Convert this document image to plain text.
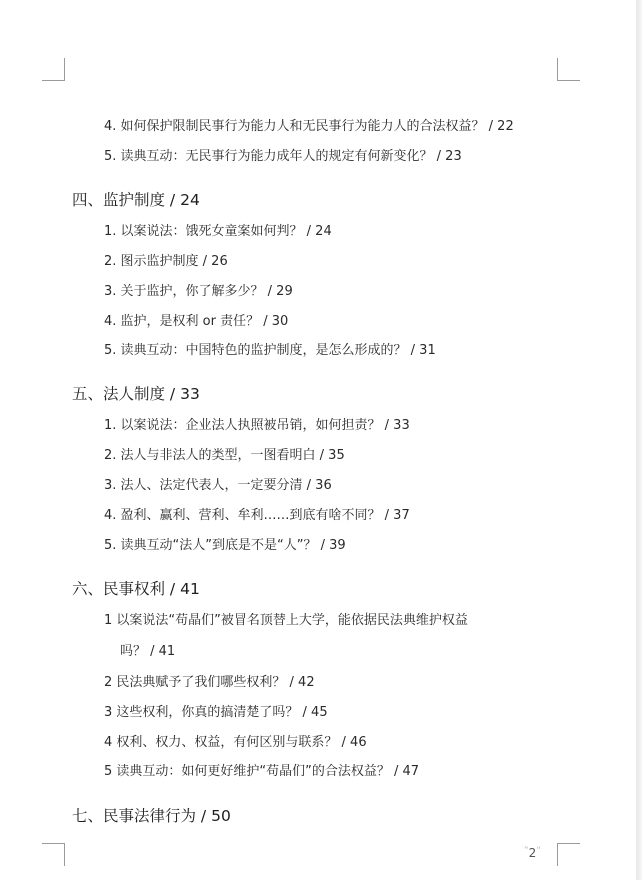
4. 如何保护限制民事行为能力人和无民事行为能力人的合法权益？ / 22
5. 读典互动：无民事行为能力成年人的规定有何新变化？ / 23
四、监护制度 / 24
1. 以案说法：饿死女童案如何判？ / 24
2. 图示监护制度 / 26
3. 关于监护，你了解多少？ / 29
4. 监护，是权利 or 责任？ / 30
5. 读典互动：中国特色的监护制度，是怎么形成的？ / 31
五、法人制度 / 33
1. 以案说法：企业法人执照被吊销，如何担责？ / 33
2. 法人与非法人的类型，一图看明白 / 35
3. 法人、法定代表人，一定要分清 / 36
4. 盈利、赢利、营利、牟利……到底有啥不同？ / 37
5. 读典互动“法人”到底是不是“人”？ / 39
六、民事权利 / 41
1 以案说法“苟晶们”被冒名顶替上大学，能依据民法典维护权益
吗？ / 41
2 民法典赋予了我们哪些权利？ / 42
3 这些权利，你真的搞清楚了吗？ / 45
4 权利、权力、权益，有何区别与联系？ / 46
5 读典互动：如何更好维护“苟晶们”的合法权益？ / 47
七、民事法律行为 / 50
‟2“
